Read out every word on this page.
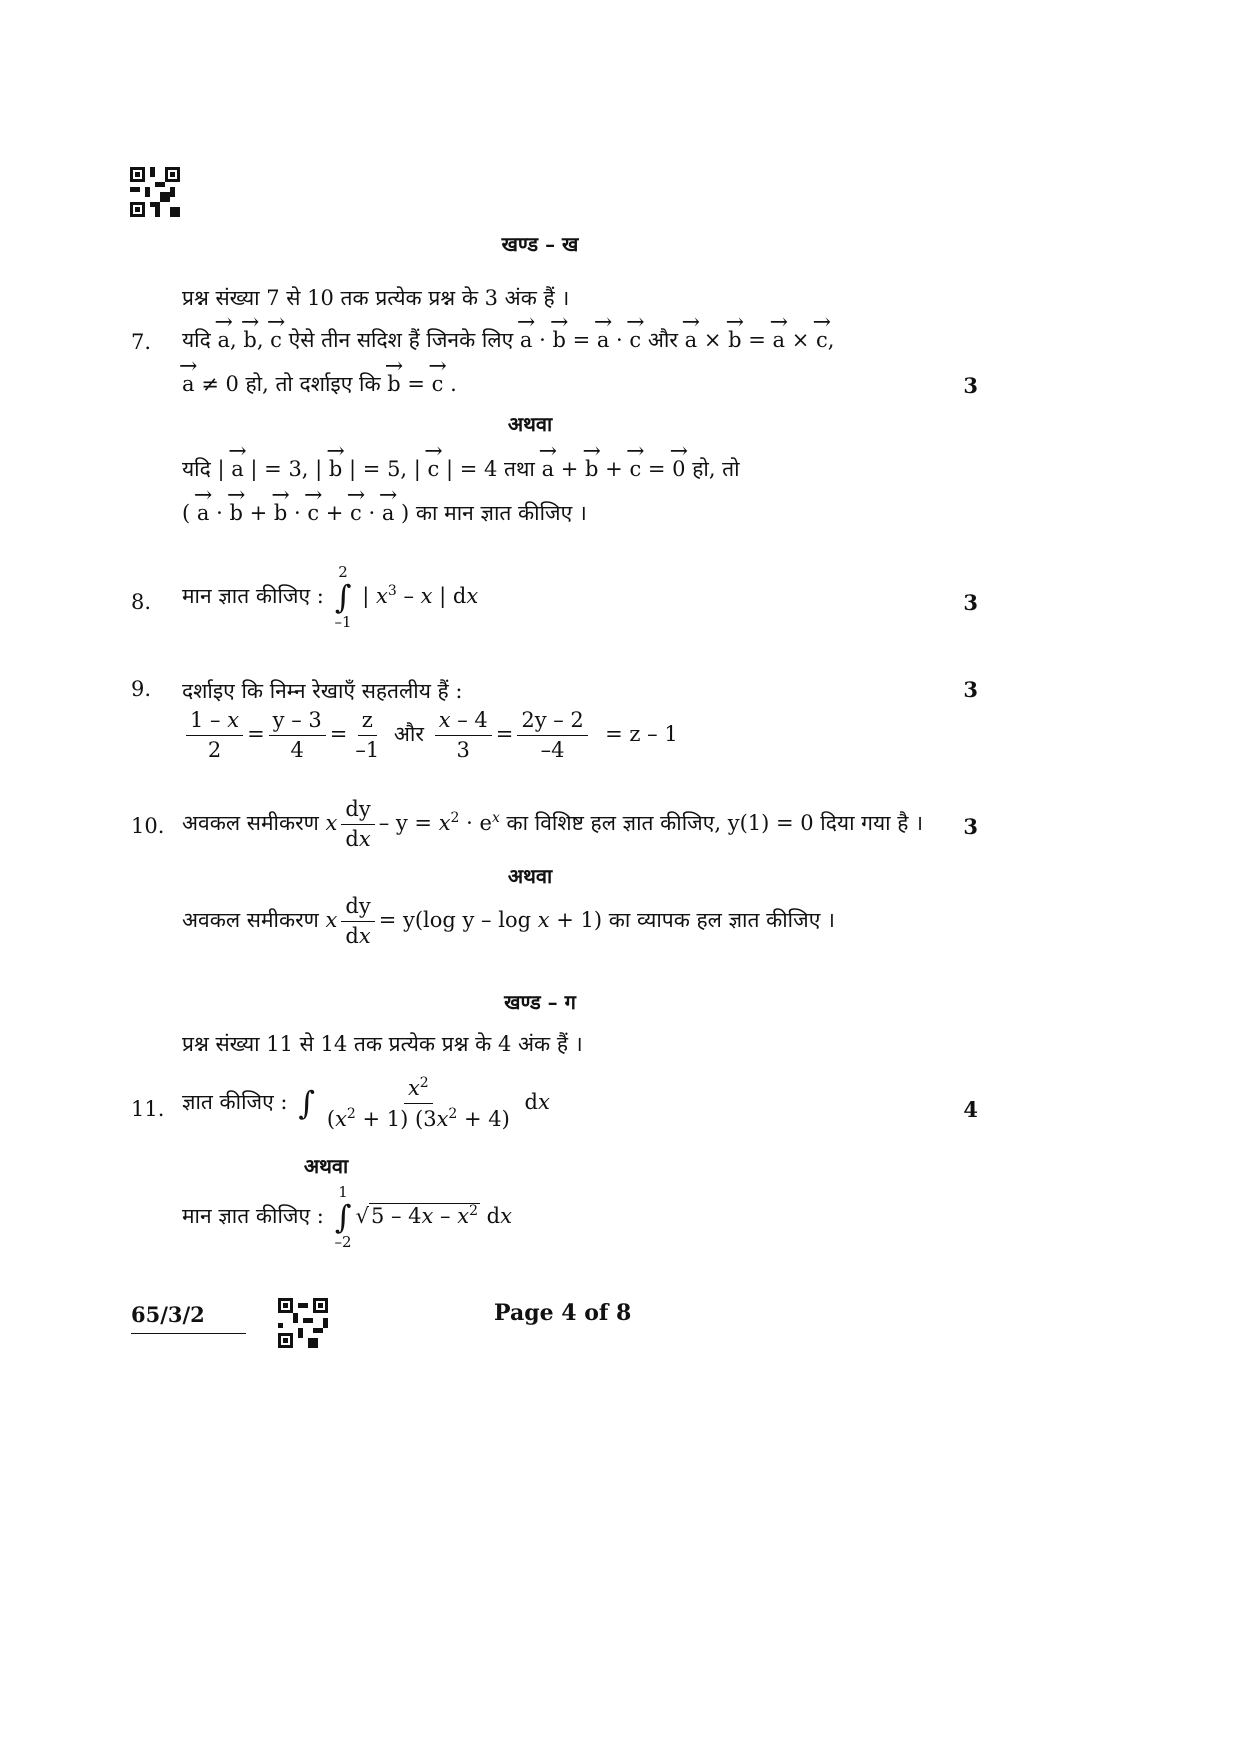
खण्ड – ख
प्रश्न संख्या 7 से 10 तक प्रत्येक प्रश्न के 3 अंक हैं ।
7. यदि → a, → b, → c ऐसे तीन सदिश हैं जिनके लिए → a · → b = → a · → c और → a × → b = → a × → c,
→ a ≠ 0 हो, तो दर्शाइए कि → b = → c .	3
अथवा
यदि | → a | = 3, | → b | = 5, | → c | = 4 तथा → a + → b + → c = → 0 हो, तो
( → a · → b + → b · → c + → c · → a ) का मान ज्ञात कीजिए ।
8. मान ज्ञात कीजिए :
2
∫
–1
| $x^3$ – x | dx	3
9. दर्शाइए कि निम्न रेखाएँ सहतलीय हैं :	3
$\frac{1 - x}{2} = \frac{y - 3}{4} = \frac{z}{-1}$ और $\frac{x - 4}{3} = \frac{2y - 2}{-4} = z - 1$
10. अवकल समीकरण x $\frac{dy}{dx} - y = x^2 \cdot e^x$ का विशिष्ट हल ज्ञात कीजिए, y(1) = 0 दिया गया है ।	3
अथवा
अवकल समीकरण x $\frac{dy}{dx} = y(\log$ y – log x + 1) का व्यापक हल ज्ञात कीजिए ।
खण्ड – ग
प्रश्न संख्या 11 से 14 तक प्रत्येक प्रश्न के 4 अंक हैं ।
11. ज्ञात कीजिए : ∫ $\frac{x^2}{(x^2 + 1) (3x^2 + 4)}$ dx	4
अथवा
मान ज्ञात कीजिए :
1
∫
–2
$√5 - 4x - x^2$ dx
65/3/2	Page 4 of 8
